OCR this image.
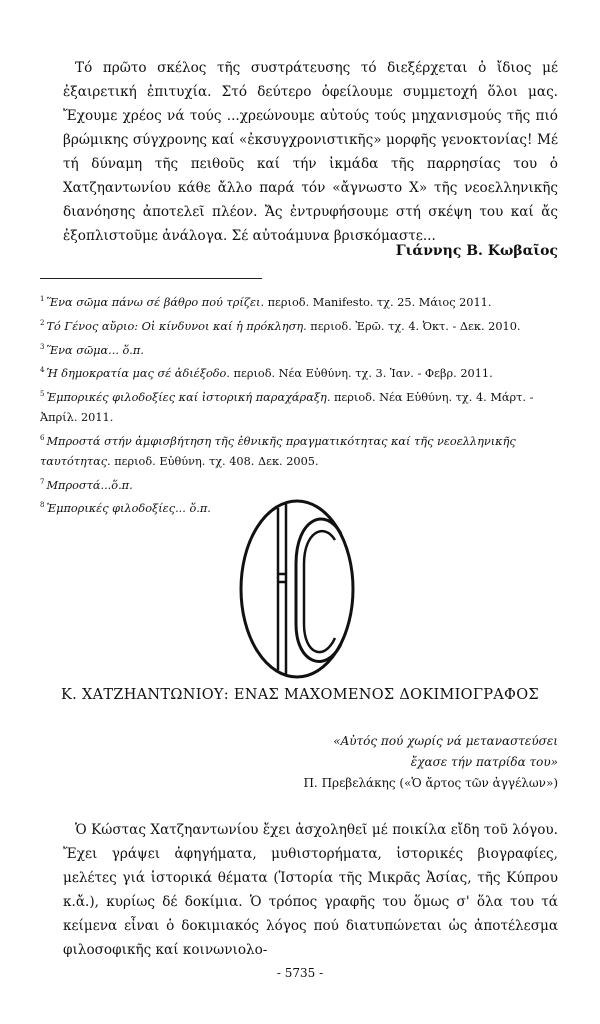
Τό πρῶτο σκέλος τῆς συστράτευσης τό διεξέρχεται ὁ ἴδιος μέ ἐξαιρετική ἐπιτυχία. Στό δεύτερο ὀφείλουμε συμμετοχή ὅλοι μας. Ἔχουμε χρέος νά τούς ...χρεώνουμε αὐτούς τούς μηχανισμούς τῆς πιό βρώμικης σύγχρονης καί «ἐκσυγχρονιστικῆς» μορφῆς γενοκτονίας! Μέ τή δύναμη τῆς πειθοῦς καί τήν ἰκμάδα τῆς παρρησίας του ὁ Χατζηαντωνίου κάθε ἄλλο παρά τόν «ἄγνωστο Χ» τῆς νεοελληνικῆς διανόησης ἀποτελεῖ πλέον. Ἄς ἐντρυφήσουμε στή σκέψη του καί ἄς ἐξοπλιστοῦμε ἀνάλογα. Σέ αὐτοάμυνα βρισκόμαστε...

Γιάννης Β. Κωβαῖος
$^1$ Ἕνα σῶμα πάνω σέ βάθρο πού τρίζει. περιοδ. Manifesto. τχ. 25. Μάιος 2011.
$^2$ Τό Γένος αὔριο: Οἱ κίνδυνοι καί ἡ πρόκληση. περιοδ. Ἐρῶ. τχ. 4. Ὀκτ. - Δεκ. 2010.
$^3$ Ἕνα σῶμα... ὅ.π.
$^4$ Ἡ δημοκρατία μας σέ ἀδιέξοδο. περιοδ. Νέα Εὐθύνη. τχ. 3. Ἰαν. - Φεβρ. 2011.
$^5$ Ἐμπορικές φιλοδοξίες καί ἱστορική παραχάραξη. περιοδ. Νέα Εὐθύνη. τχ. 4. Μάρτ. - Ἀπρίλ. 2011.
$^6$ Μπροστά στήν ἀμφισβήτηση τῆς ἐθνικῆς πραγματικότητας καί τῆς νεοελληνικῆς ταυτότητας. περιοδ. Εὐθύνη. τχ. 408. Δεκ. 2005.
$^7$ Μπροστά...ὅ.π.
$^8$ Ἐμπορικές φιλοδοξίες... ὅ.π.
Κ. ΧΑΤΖΗΑΝΤΩΝΙΟΥ: ΕΝΑΣ ΜΑΧΟΜΕΝΟΣ ΔΟΚΙΜΙΟΓΡΑΦΟΣ
«Αὐτός πού χωρίς νά μεταναστεύσει
ἔχασε τήν πατρίδα του»
Π. Πρεβελάκης («Ὁ ἄρτος τῶν ἀγγέλων»)

Ὁ Κώστας Χατζηαντωνίου ἔχει ἀσχοληθεῖ μέ ποικίλα εἴδη τοῦ λόγου. Ἔχει γράψει ἀφηγήματα, μυθιστορήματα, ἱστορικές βιογραφίες, μελέτες γιά ἱστορικά θέματα (Ἱστορία τῆς Μικρᾶς Ἀσίας, τῆς Κύπρου κ.ἄ.), κυρίως δέ δοκίμια. Ὁ τρόπος γραφῆς του ὅμως σ' ὅλα του τά κείμενα εἶναι ὁ δοκιμιακός λόγος πού διατυπώνεται ὡς ἀποτέλεσμα φιλοσοφικῆς καί κοινωνιολο-

- 5735 -
